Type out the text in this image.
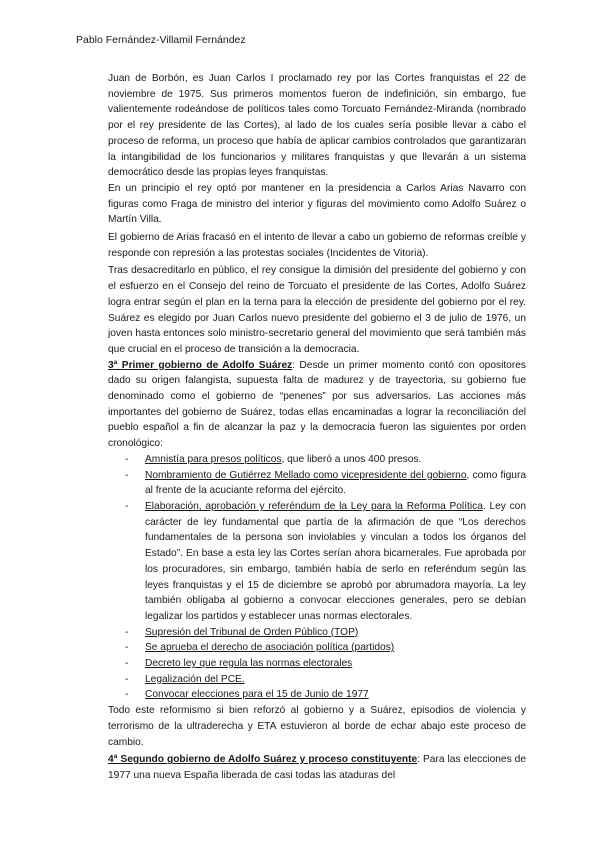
Pablo Fernández-Villamil Fernández

Juan de Borbón, es Juan Carlos I proclamado rey por las Cortes franquistas el 22 de noviembre de 1975. Sus primeros momentos fueron de indefinición, sin embargo, fue valientemente rodeándose de políticos tales como Torcuato Fernández-Miranda (nombrado por el rey presidente de las Cortes), al lado de los cuales sería posible llevar a cabo el proceso de reforma, un proceso que había de aplicar cambios controlados que garantizaran la intangibilidad de los funcionarios y militares franquistas y que llevarán a un sistema democrático desde las propias leyes franquistas.

En un principio el rey optó por mantener en la presidencia a Carlos Arias Navarro con figuras como Fraga de ministro del interior y figuras del movimiento como Adolfo Suárez o Martín Villa.

El gobierno de Arias fracasó en el intento de llevar a cabo un gobierno de reformas creíble y responde con represión a las protestas sociales (Incidentes de Vitoria).

Tras desacreditarlo en público, el rey consigue la dimisión del presidente del gobierno y con el esfuerzo en el Consejo del reino de Torcuato el presidente de las Cortes, Adolfo Suárez logra entrar según el plan en la terna para la elección de presidente del gobierno por el rey. Suárez es elegido por Juan Carlos nuevo presidente del gobierno el 3 de julio de 1976, un joven hasta entonces solo ministro-secretario general del movimiento que será también más que crucial en el proceso de transición a la democracia.

3ª Primer gobierno de Adolfo Suárez: Desde un primer momento contó con opositores dado su origen falangista, supuesta falta de madurez y de trayectoria, su gobierno fue denominado como el gobierno de “penenes” por sus adversarios. Las acciones más importantes del gobierno de Suárez, todas ellas encaminadas a lograr la reconciliación del pueblo español a fin de alcanzar la paz y la democracia fueron las siguientes por orden cronológico:

- Amnistía para presos políticos, que liberó a unos 400 presos.
- Nombramiento de Gutiérrez Mellado como vicepresidente del gobierno, como figura al frente de la acuciante reforma del ejército.
- Elaboración, aprobación y referéndum de la Ley para la Reforma Política. Ley con carácter de ley fundamental que partía de la afirmación de que “Los derechos fundamentales de la persona son inviolables y vinculan a todos los órganos del Estado”. En base a esta ley las Cortes serían ahora bicamerales. Fue aprobada por los procuradores, sin embargo, también había de serlo en referéndum según las leyes franquistas y el 15 de diciembre se aprobó por abrumadora mayoría. La ley también obligaba al gobierno a convocar elecciones generales, pero se debían legalizar los partidos y establecer unas normas electorales.
- Supresión del Tribunal de Orden Público (TOP)
- Se aprueba el derecho de asociación política (partidos)
- Decreto ley que regula las normas electorales
- Legalización del PCE.
- Convocar elecciones para el 15 de Junio de 1977

Todo este reformismo si bien reforzó al gobierno y a Suárez, episodios de violencia y terrorismo de la ultraderecha y ETA estuvieron al borde de echar abajo este proceso de cambio.

4ª Segundo gobierno de Adolfo Suárez y proceso constituyente: Para las elecciones de 1977 una nueva España liberada de casi todas las ataduras del
